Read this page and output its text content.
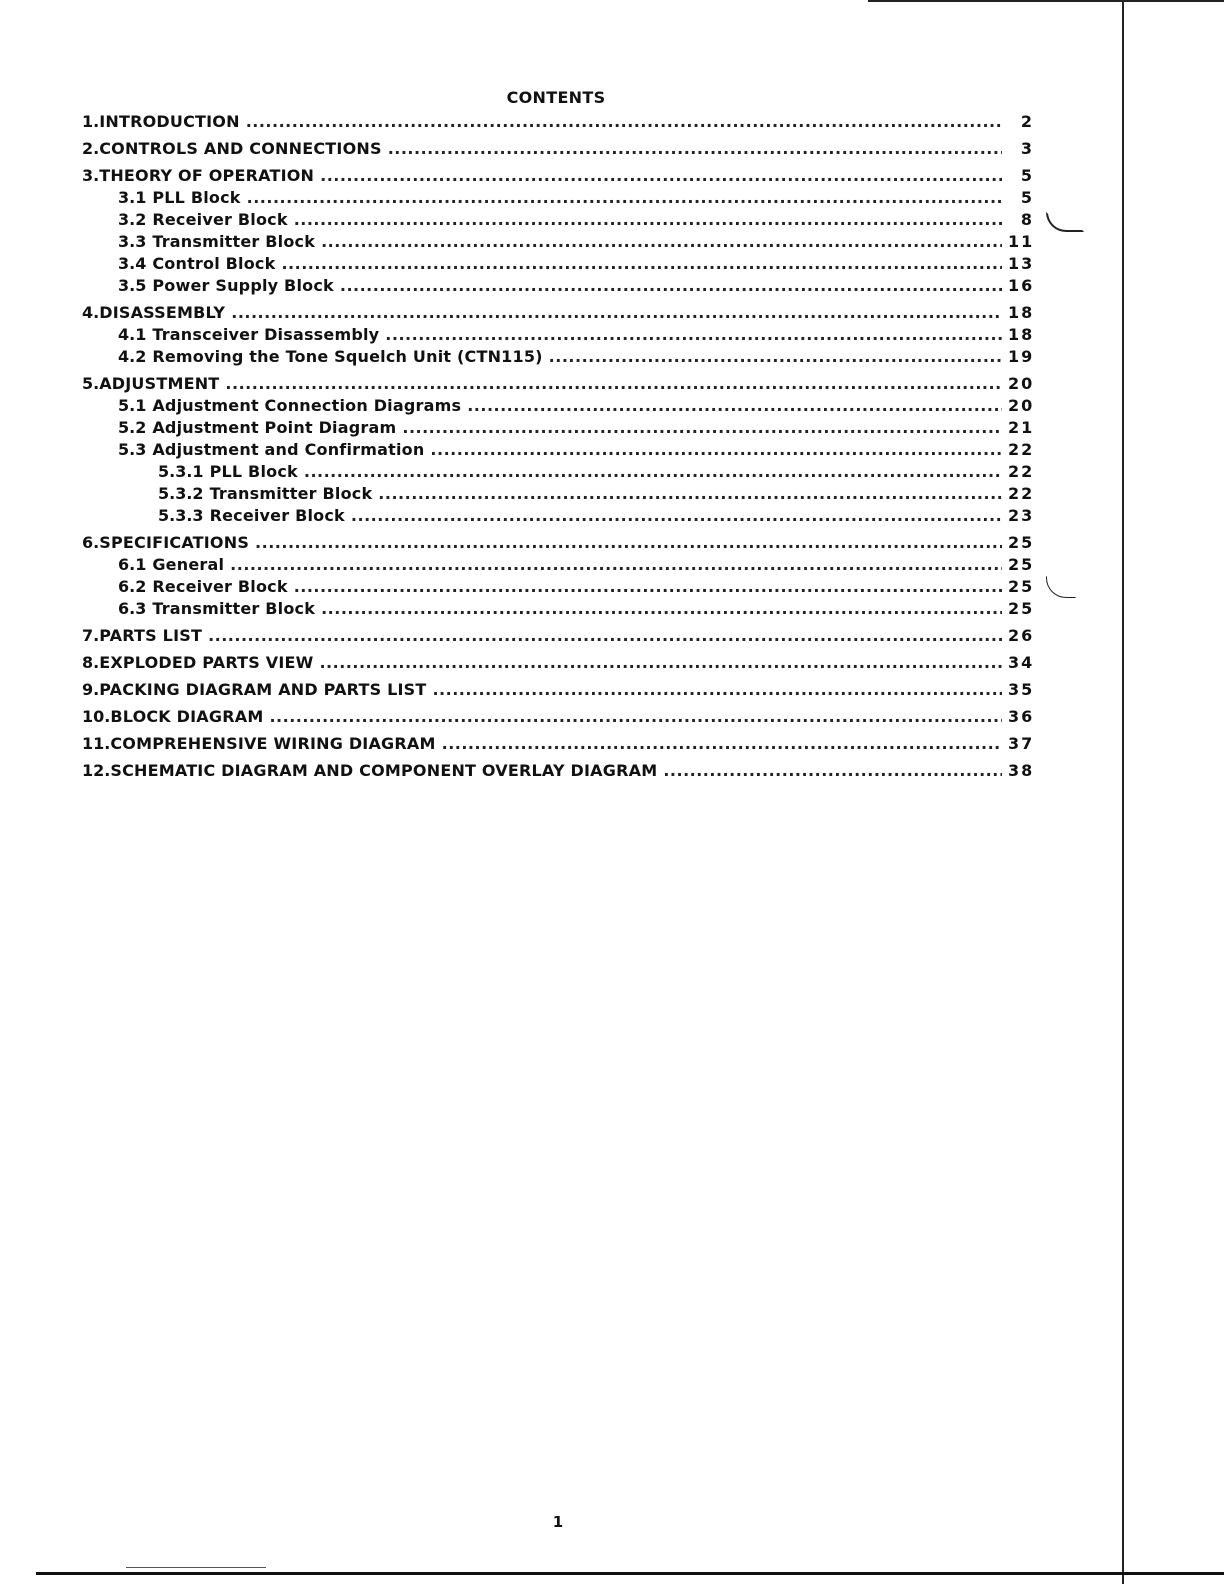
CONTENTS
1. INTRODUCTION .....	2
2. CONTROLS AND CONNECTIONS .....	3
3. THEORY OF OPERATION .....	5
3.1 PLL Block .....	5
3.2 Receiver Block .....	8
3.3 Transmitter Block .....	11
3.4 Control Block .....	13
3.5 Power Supply Block .....	16
4. DISASSEMBLY .....	18
4.1 Transceiver Disassembly .....	18
4.2 Removing the Tone Squelch Unit (CTN115) .....	19
5. ADJUSTMENT .....	20
5.1 Adjustment Connection Diagrams .....	20
5.2 Adjustment Point Diagram .....	21
5.3 Adjustment and Confirmation .....	22
5.3.1 PLL Block .....	22
5.3.2 Transmitter Block .....	22
5.3.3 Receiver Block .....	23
6. SPECIFICATIONS .....	25
6.1 General .....	25
6.2 Receiver Block .....	25
6.3 Transmitter Block .....	25
7. PARTS LIST .....	26
8. EXPLODED PARTS VIEW .....	34
9. PACKING DIAGRAM AND PARTS LIST .....	35
10. BLOCK DIAGRAM .....	36
11. COMPREHENSIVE WIRING DIAGRAM .....	37
12. SCHEMATIC DIAGRAM AND COMPONENT OVERLAY DIAGRAM .....	38
1
